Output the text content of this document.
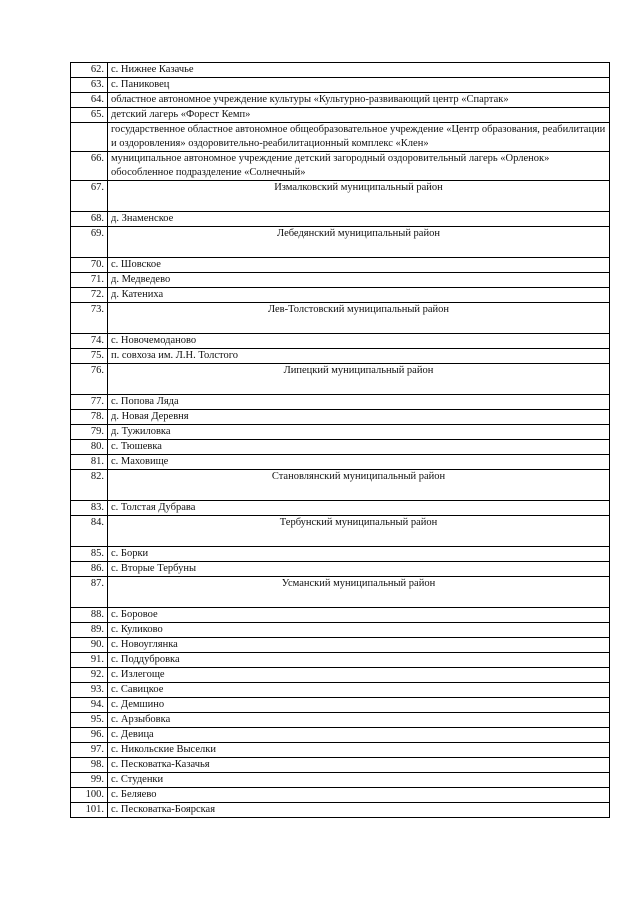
62.	с. Нижнее Казачье
63.	с. Паниковец
64.	областное автономное учреждение культуры «Культурно-развивающий центр «Спартак»
65.	детский лагерь «Форест Кемп»
	государственное областное автономное общеобразовательное учреждение «Центр образования, реабилитации и оздоровления» оздоровительно-реабилитационный комплекс «Клен»
66.	муниципальное автономное учреждение детский загородный оздоровительный лагерь «Орленок» обособленное подразделение «Солнечный»
67.	Измалковский муниципальный район
68.	д. Знаменское
69.	Лебедянский муниципальный район
70.	с. Шовское
71.	д. Медведево
72.	д. Катениха
73.	Лев-Толстовский муниципальный район
74.	с. Новочемоданово
75.	п. совхоза им. Л.Н. Толстого
76.	Липецкий муниципальный район
77.	с. Попова Ляда
78.	д. Новая Деревня
79.	д. Тужиловка
80.	с. Тюшевка
81.	с. Маховище
82.	Становлянский муниципальный район
83.	с. Толстая Дубрава
84.	Тербунский муниципальный район
85.	с. Борки
86.	с. Вторые Тербуны
87.	Усманский муниципальный район
88.	с. Боровое
89.	с. Куликово
90.	с. Новоуглянка
91.	с. Поддубровка
92.	с. Излегоще
93.	с. Савицкое
94.	с. Демшино
95.	с. Арзыбовка
96.	с. Девица
97.	с. Никольские Выселки
98.	с. Песковатка-Казачья
99.	с. Студенки
100.	с. Беляево
101.	с. Песковатка-Боярская
